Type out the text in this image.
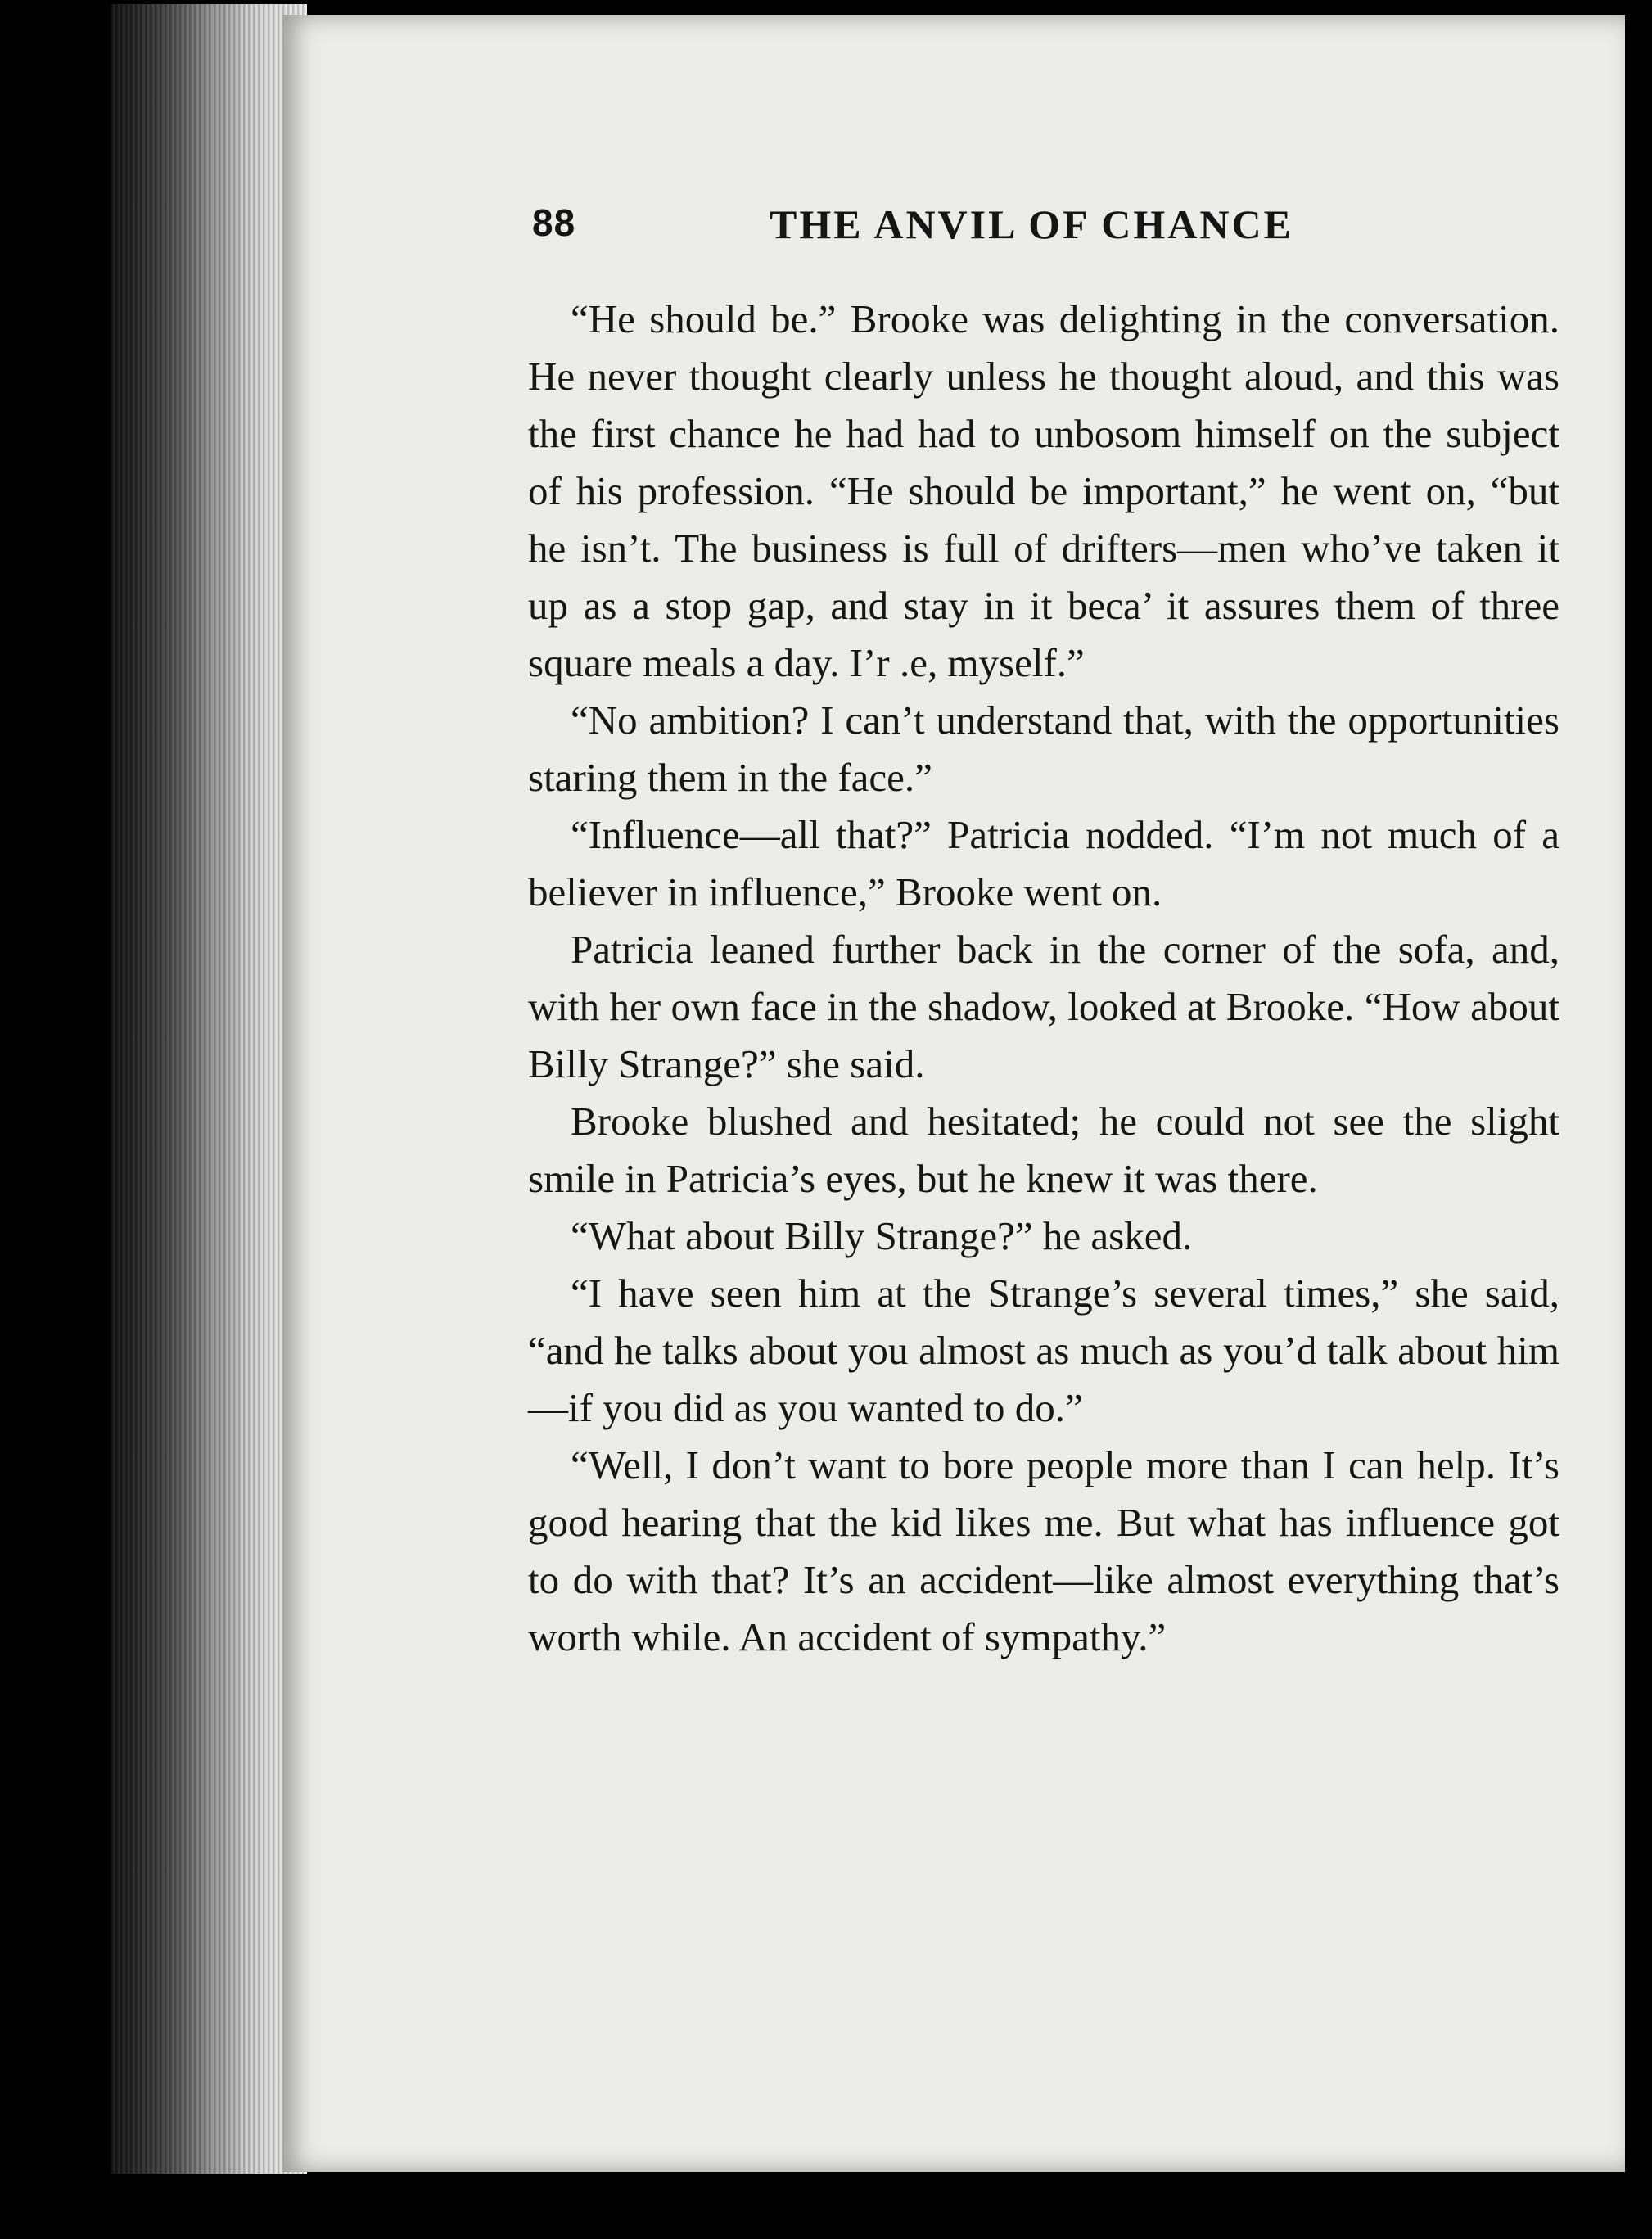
88	THE ANVIL OF CHANCE

“He should be.” Brooke was delighting in the conversation. He never thought clearly unless he thought aloud, and this was the first chance he had had to unbosom himself on the subject of his profession. “He should be important,” he went on, “but he isn’t. The business is full of drifters—men who’ve taken it up as a stop gap, and stay in it beca’ it assures them of three square meals a day. I’r .e, myself.”

“No ambition? I can’t understand that, with the opportunities staring them in the face.”

“Influence—all that?” Patricia nodded. “I’m not much of a believer in influence,” Brooke went on.

Patricia leaned further back in the corner of the sofa, and, with her own face in the shadow, looked at Brooke. “How about Billy Strange?” she said.

Brooke blushed and hesitated; he could not see the slight smile in Patricia’s eyes, but he knew it was there.

“What about Billy Strange?” he asked.

“I have seen him at the Strange’s several times,” she said, “and he talks about you almost as much as you’d talk about him—if you did as you wanted to do.”

“Well, I don’t want to bore people more than I can help. It’s good hearing that the kid likes me. But what has influence got to do with that? It’s an accident—like almost everything that’s worth while. An accident of sympathy.”
